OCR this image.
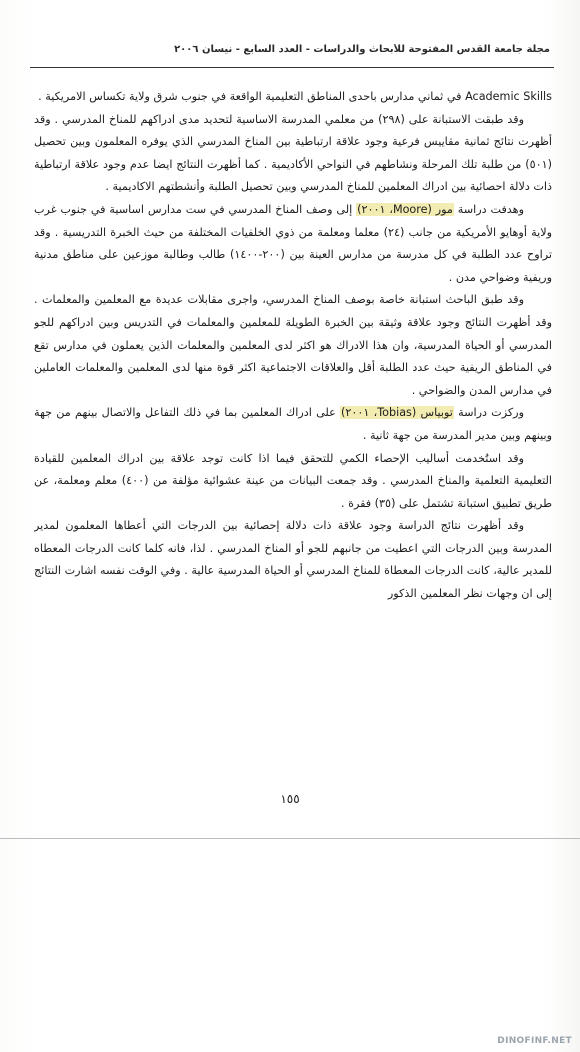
مجلة جامعة القدس المفتوحة للأبحاث والدراسات - العدد السابع - نيسان ٢٠٠٦

Academic Skills في ثماني مدارس باحدى المناطق التعليمية الواقعة في جنوب شرق ولاية تكساس الامريكية .

وقد طبقت الاستبانة على (٢٩٨) من معلمي المدرسة الاساسية لتحديد مدى ادراكهم للمناخ المدرسي . وقد أظهرت نتائج ثمانية مقاييس فرعية وجود علاقة ارتباطية بين المناخ المدرسي الذي يوفره المعلمون وبين تحصيل (٥٠١) من طلبة تلك المرحلة ونشاطهم في النواحي الأكاديمية . كما أظهرت النتائج ايضا عدم وجود علاقة ارتباطية ذات دلالة احصائية بين ادراك المعلمين للمناخ المدرسي وبين تحصيل الطلبة وأنشطتهم الاكاديمية .

وهدفت دراسة مور (Moore، ٢٠٠١) إلى وصف المناخ المدرسي في ست مدارس اساسية في جنوب غرب ولاية أوهايو الأمريكية من جانب (٢٤) معلما ومعلمة من ذوي الخلفيات المختلفة من حيث الخبرة التدريسية . وقد تراوح عدد الطلبة في كل مدرسة من مدارس العينة بين (٢٠٠-١٤٠٠) طالب وطالبة موزعين على مناطق مدنية وريفية وضواحي مدن .

وقد طبق الباحث استبانة خاصة بوصف المناخ المدرسي، واجرى مقابلات عديدة مع المعلمين والمعلمات . وقد أظهرت النتائج وجود علاقة وثيقة بين الخبرة الطويلة للمعلمين والمعلمات في التدريس وبين ادراكهم للجو المدرسي أو الحياة المدرسية، وان هذا الادراك هو اكثر لدى المعلمين والمعلمات الذين يعملون في مدارس تقع في المناطق الريفية حيث عدد الطلبة أقل والعلاقات الاجتماعية اكثر قوة منها لدى المعلمين والمعلمات العاملين في مدارس المدن والضواحي .

وركزت دراسة توبياس (Tobias، ٢٠٠١) على ادراك المعلمين بما في ذلك التفاعل والاتصال بينهم من جهة وبينهم وبين مدير المدرسة من جهة ثانية .

وقد استُخدمت أساليب الإحصاء الكمي للتحقق فيما اذا كانت توجد علاقة بين ادراك المعلمين للقيادة التعليمية التعلمية والمناخ المدرسي . وقد جمعت البيانات من عينة عشوائية مؤلفة من (٤٠٠) معلم ومعلمة، عن طريق تطبيق استبانة تشتمل على (٣٥) فقرة .

وقد أظهرت نتائج الدراسة وجود علاقة ذات دلالة إحصائية بين الدرجات التي أعطاها المعلمون لمدير المدرسة وبين الدرجات التي اعطيت من جانبهم للجو أو المناخ المدرسي . لذا، فانه كلما كانت الدرجات المعطاه للمدير عالية، كانت الدرجات المعطاة للمناخ المدرسي أو الحياة المدرسية عالية . وفي الوقت نفسه اشارت النتائج إلى ان وجهات نظر المعلمين الذكور

١٥٥
DINOFINF.NET
